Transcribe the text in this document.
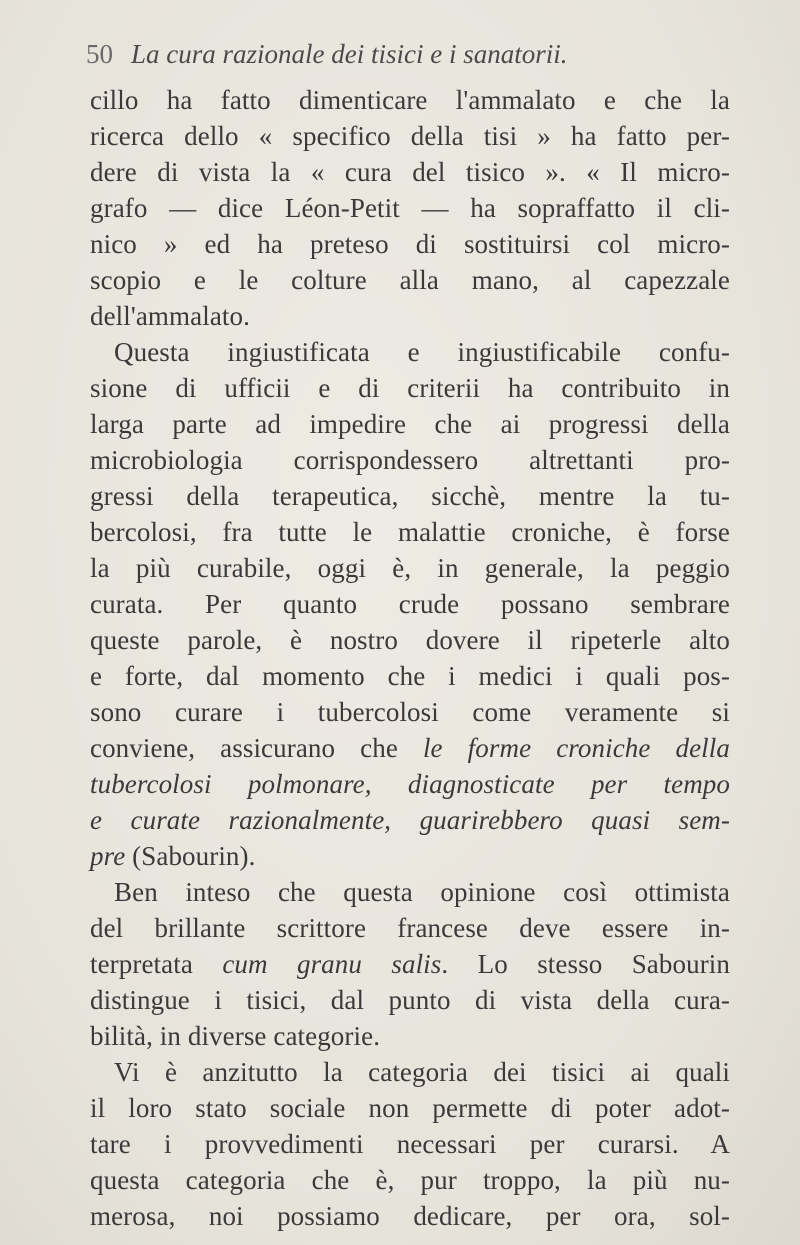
50 La cura razionale dei tisici e i sanatorii.
cillo ha fatto dimenticare l'ammalato e che la
ricerca dello « specifico della tisi » ha fatto per-
dere di vista la « cura del tisico ». « Il micro-
grafo — dice Léon-Petit — ha sopraffatto il cli-
nico » ed ha preteso di sostituirsi col micro-
scopio e le colture alla mano, al capezzale
dell'ammalato.
Questa ingiustificata e ingiustificabile confu-
sione di ufficii e di criterii ha contribuito in
larga parte ad impedire che ai progressi della
microbiologia corrispondessero altrettanti pro-
gressi della terapeutica, sicchè, mentre la tu-
bercolosi, fra tutte le malattie croniche, è forse
la più curabile, oggi è, in generale, la peggio
curata. Per quanto crude possano sembrare
queste parole, è nostro dovere il ripeterle alto
e forte, dal momento che i medici i quali pos-
sono curare i tubercolosi come veramente si
conviene, assicurano che le forme croniche della
tubercolosi polmonare, diagnosticate per tempo
e curate razionalmente, guarirebbero quasi sem-
pre (Sabourin).
Ben inteso che questa opinione così ottimista
del brillante scrittore francese deve essere in-
terpretata cum granu salis. Lo stesso Sabourin
distingue i tisici, dal punto di vista della cura-
bilità, in diverse categorie.
Vi è anzitutto la categoria dei tisici ai quali
il loro stato sociale non permette di poter adot-
tare i provvedimenti necessari per curarsi. A
questa categoria che è, pur troppo, la più nu-
merosa, noi possiamo dedicare, per ora, sol-
